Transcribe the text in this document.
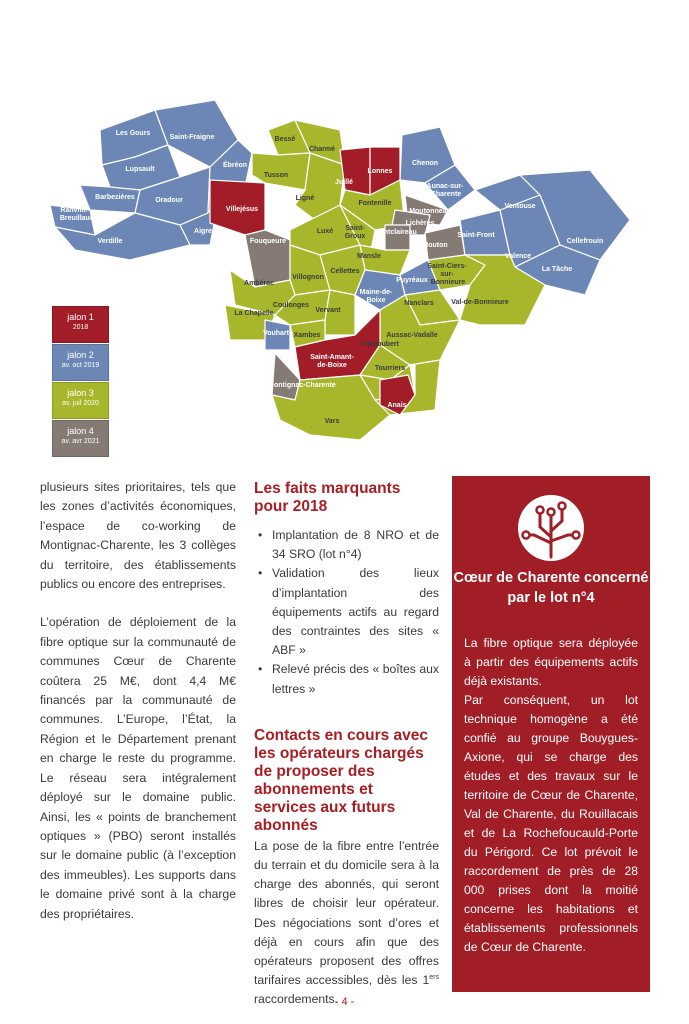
Les Gours
Saint-Fraigne
Lupsault
Barbezières	Oradour
Ranville-
Breuillaud
Verdille
Ébréon
Aigre
Villejésus
Bessé
Charmé
Tusson
Juillé
Lonnes
Ligné
Fontenille
Chenon
Aunac-sur-
Charente
Moutonneau
Lichères
Fontclaireau
Mouton
Fouqueure
Luxé Saint-
Groux
Mansle
Saint-Front
Ventouse
Cellefrouin
Valence
La Tâche
Villognon
Cellettes
Puyréaux
Saint-Ciers-
sur-
Bonnieure
Maine-de-
Boixe	Nanclars Val-de-Bonnieure
Ambérac
Coulonges
La Chapelle	Vervant
Vouharte Xambes	Aussac-Vadalle
Saint-Amant-
de-Boixe
Villejoubert
Montignac-Charente
Tourriers
Vars
Anais
jalon 1
2018
jalon 2
av. oct 2019
jalon 3
av. juil 2020
jalon 4
av. avr 2021

plusieurs sites prioritaires, tels que les zones d’activités économiques, l’espace de co-working de Montignac-Charente, les 3 collèges du territoire, des établissements publics ou encore des entreprises.

L’opération de déploiement de la fibre optique sur la communauté de communes Cœur de Charente coûtera 25 M€, dont 4,4 M€ financés par la communauté de communes. L’Europe, l’État, la Région et le Département prenant en charge le reste du programme. Le réseau sera intégralement déployé sur le domaine public. Ainsi, les « points de branchement optiques » (PBO) seront installés sur le domaine public (à l’exception des immeubles). Les supports dans le domaine privé sont à la charge des propriétaires.

Les faits marquants pour 2018
• Implantation de 8 NRO et de 34 SRO (lot n°4)
• Validation des lieux d’implantation des équipements actifs au regard des contraintes des sites « ABF »
• Relevé précis des « boîtes aux lettres »
Contacts en cours avec les opérateurs chargés de proposer des abonnements et services aux futurs abonnés
La pose de la fibre entre l’entrée du terrain et du domicile sera à la charge des abonnés, qui seront libres de choisir leur opérateur. Des négociations sont d’ores et déjà en cours afin que des opérateurs proposent des offres tarifaires accessibles, dès les 1ers raccordements.
Cœur de Charente concerné par le lot n°4

La fibre optique sera déployée à partir des équipements actifs déjà existants.

Par conséquent, un lot technique homogène a été confié au groupe Bouygues-Axione, qui se charge des études et des travaux sur le territoire de Cœur de Charente, Val de Charente, du Rouillacais et de La Rochefoucauld-Porte du Périgord. Ce lot prévoit le raccordement de près de 28 000 prises dont la moitié concerne les habitations et établissements professionnels de Cœur de Charente.

- 4 -
